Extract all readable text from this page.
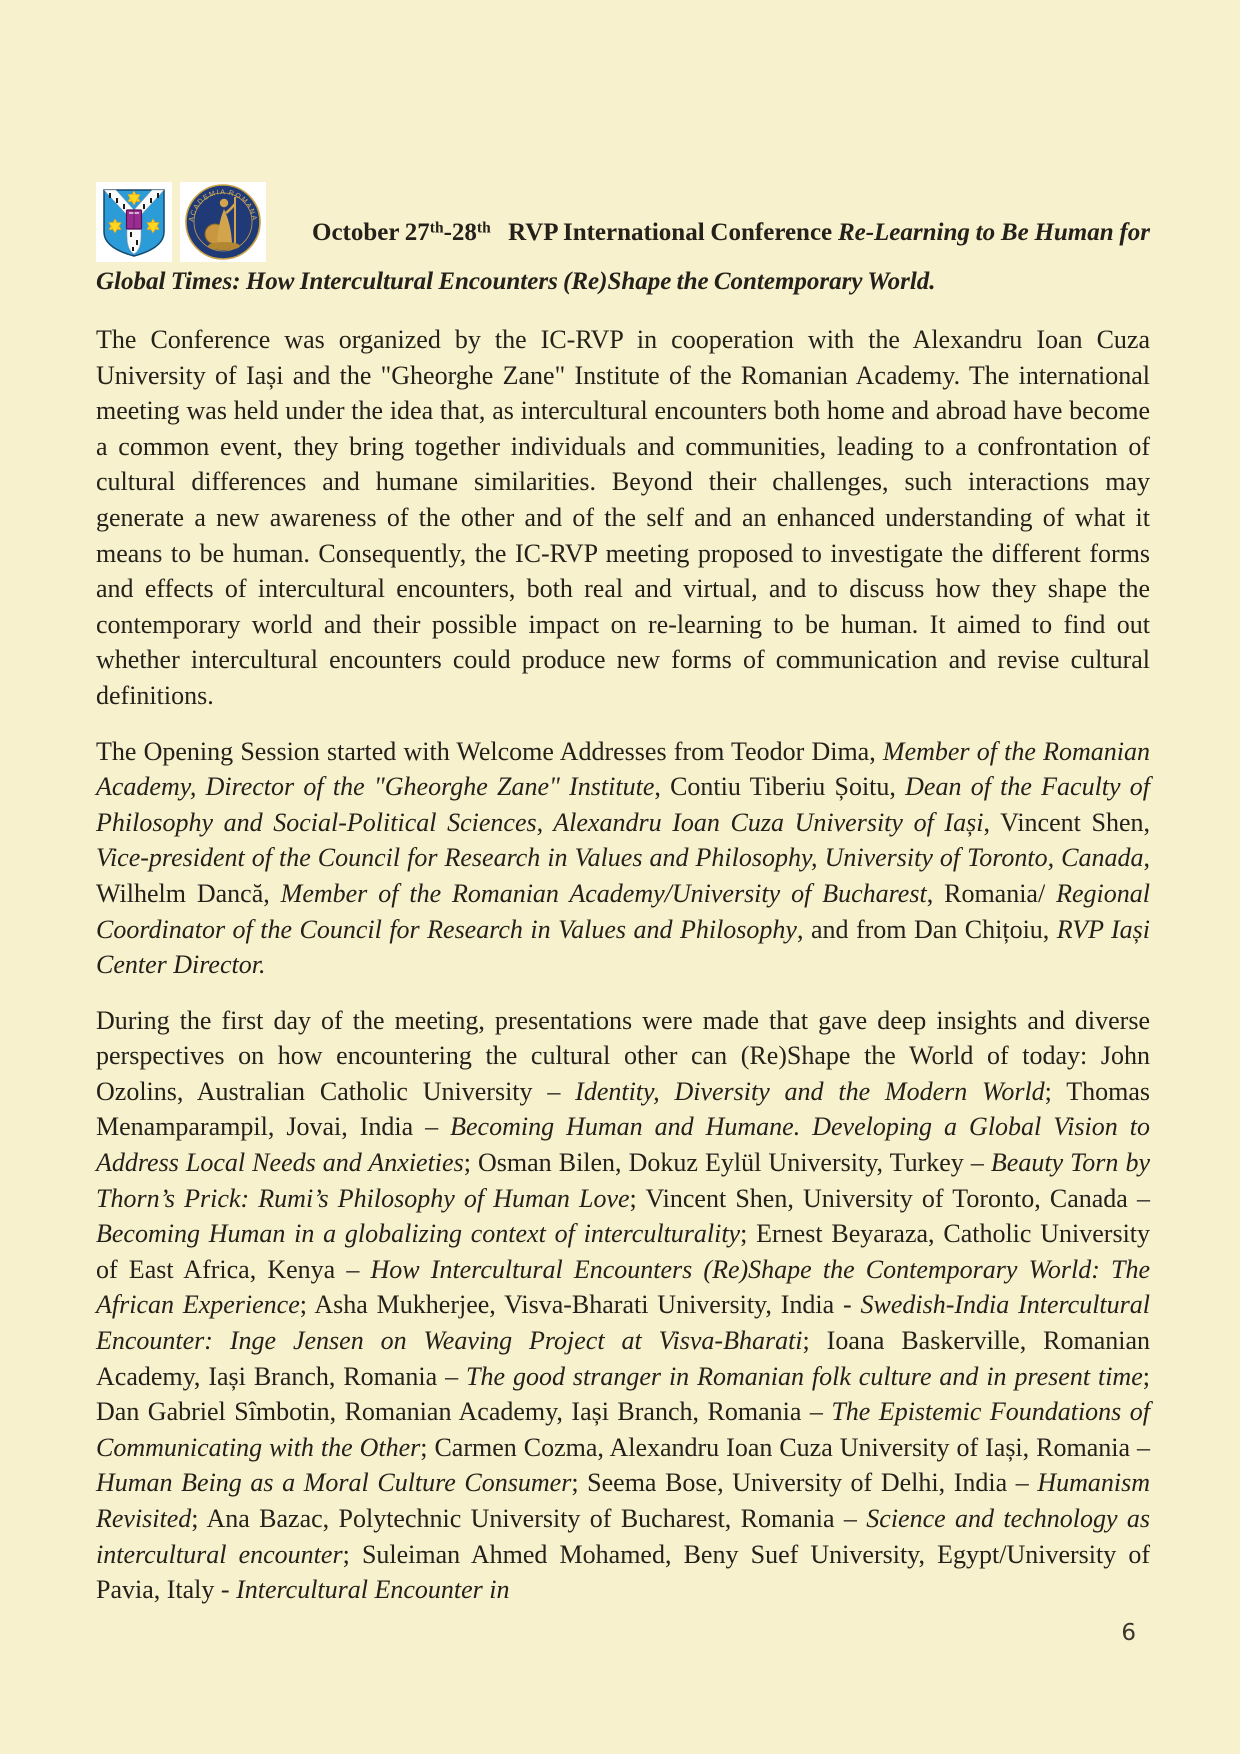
ACADEMIA ROMANA
October 27th-28th   RVP International Conference Re-Learning to Be Human for Global Times: How Intercultural Encounters (Re)Shape the Contemporary World.

The Conference was organized by the IC-RVP in cooperation with the Alexandru Ioan Cuza University of Iași and the "Gheorghe Zane" Institute of the Romanian Academy. The international meeting was held under the idea that, as intercultural encounters both home and abroad have become a common event, they bring together individuals and communities, leading to a confrontation of cultural differences and humane similarities. Beyond their challenges, such interactions may generate a new awareness of the other and of the self and an enhanced understanding of what it means to be human. Consequently, the IC-RVP meeting proposed to investigate the different forms and effects of intercultural encounters, both real and virtual, and to discuss how they shape the contemporary world and their possible impact on re-learning to be human. It aimed to find out whether intercultural encounters could produce new forms of communication and revise cultural definitions.

The Opening Session started with Welcome Addresses from Teodor Dima, Member of the Romanian Academy, Director of the "Gheorghe Zane" Institute, Contiu Tiberiu Șoitu, Dean of the Faculty of Philosophy and Social-Political Sciences, Alexandru Ioan Cuza University of Iași, Vincent Shen, Vice-president of the Council for Research in Values and Philosophy, University of Toronto, Canada, Wilhelm Dancă, Member of the Romanian Academy/University of Bucharest, Romania/ Regional Coordinator of the Council for Research in Values and Philosophy, and from Dan Chițoiu, RVP Iași Center Director.

During the first day of the meeting, presentations were made that gave deep insights and diverse perspectives on how encountering the cultural other can (Re)Shape the World of today: John Ozolins, Australian Catholic University – Identity, Diversity and the Modern World; Thomas Menamparampil, Jovai, India – Becoming Human and Humane. Developing a Global Vision to Address Local Needs and Anxieties; Osman Bilen, Dokuz Eylül University, Turkey – Beauty Torn by Thorn’s Prick: Rumi’s Philosophy of Human Love; Vincent Shen, University of Toronto, Canada – Becoming Human in a globalizing context of interculturality; Ernest Beyaraza, Catholic University of East Africa, Kenya – How Intercultural Encounters (Re)Shape the Contemporary World: The African Experience; Asha Mukherjee, Visva-Bharati University, India - Swedish-India Intercultural Encounter: Inge Jensen on Weaving Project at Visva-Bharati; Ioana Baskerville, Romanian Academy, Iași Branch, Romania – The good stranger in Romanian folk culture and in present time; Dan Gabriel Sîmbotin, Romanian Academy, Iași Branch, Romania – The Epistemic Foundations of Communicating with the Other; Carmen Cozma, Alexandru Ioan Cuza University of Iași, Romania – Human Being as a Moral Culture Consumer; Seema Bose, University of Delhi, India – Humanism Revisited; Ana Bazac, Polytechnic University of Bucharest, Romania – Science and technology as intercultural encounter; Suleiman Ahmed Mohamed, Beny Suef University, Egypt/University of Pavia, Italy - Intercultural Encounter in

6
